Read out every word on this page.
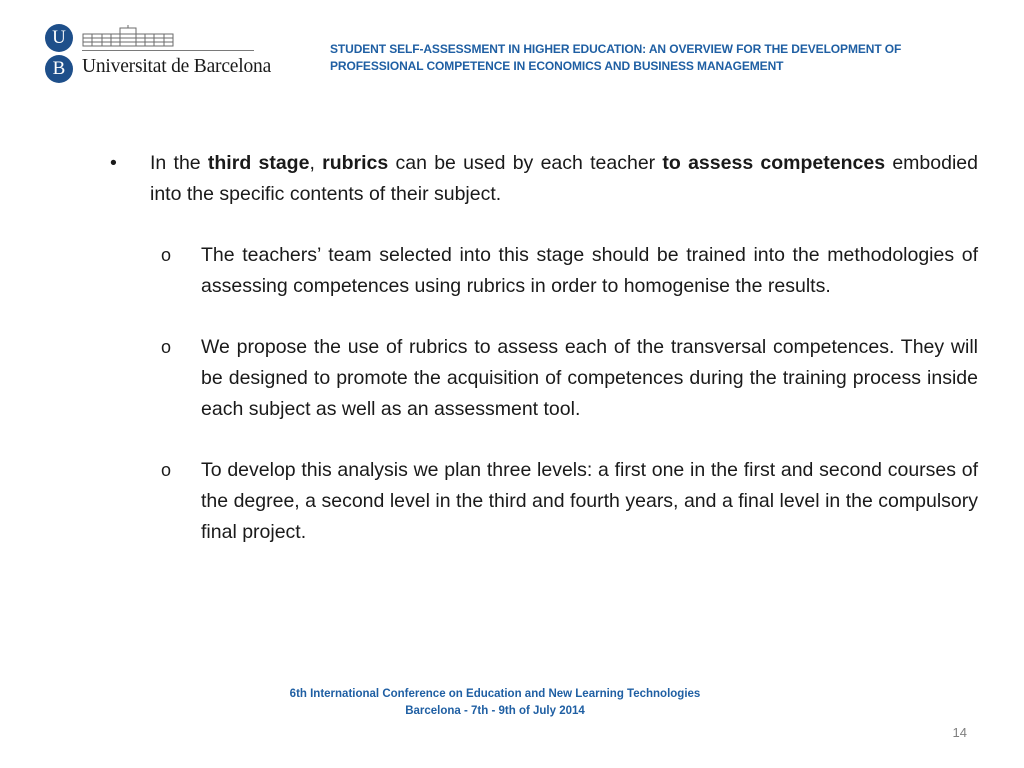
U
B Universitat de Barcelona
STUDENT SELF-ASSESSMENT IN HIGHER EDUCATION: AN OVERVIEW FOR THE DEVELOPMENT OF
PROFESSIONAL COMPETENCE IN ECONOMICS AND BUSINESS MANAGEMENT
• In the third stage, rubrics can be used by each teacher to assess competences embodied into the specific contents of their subject.
o The teachers’ team selected into this stage should be trained into the methodologies of assessing competences using rubrics in order to homogenise the results.
o We propose the use of rubrics to assess each of the transversal competences. They will be designed to promote the acquisition of competences during the training process inside each subject as well as an assessment tool.
o To develop this analysis we plan three levels: a first one in the first and second courses of the degree, a second level in the third and fourth years, and a final level in the compulsory final project.
6th International Conference on Education and New Learning Technologies
Barcelona - 7th - 9th of July 2014
14
